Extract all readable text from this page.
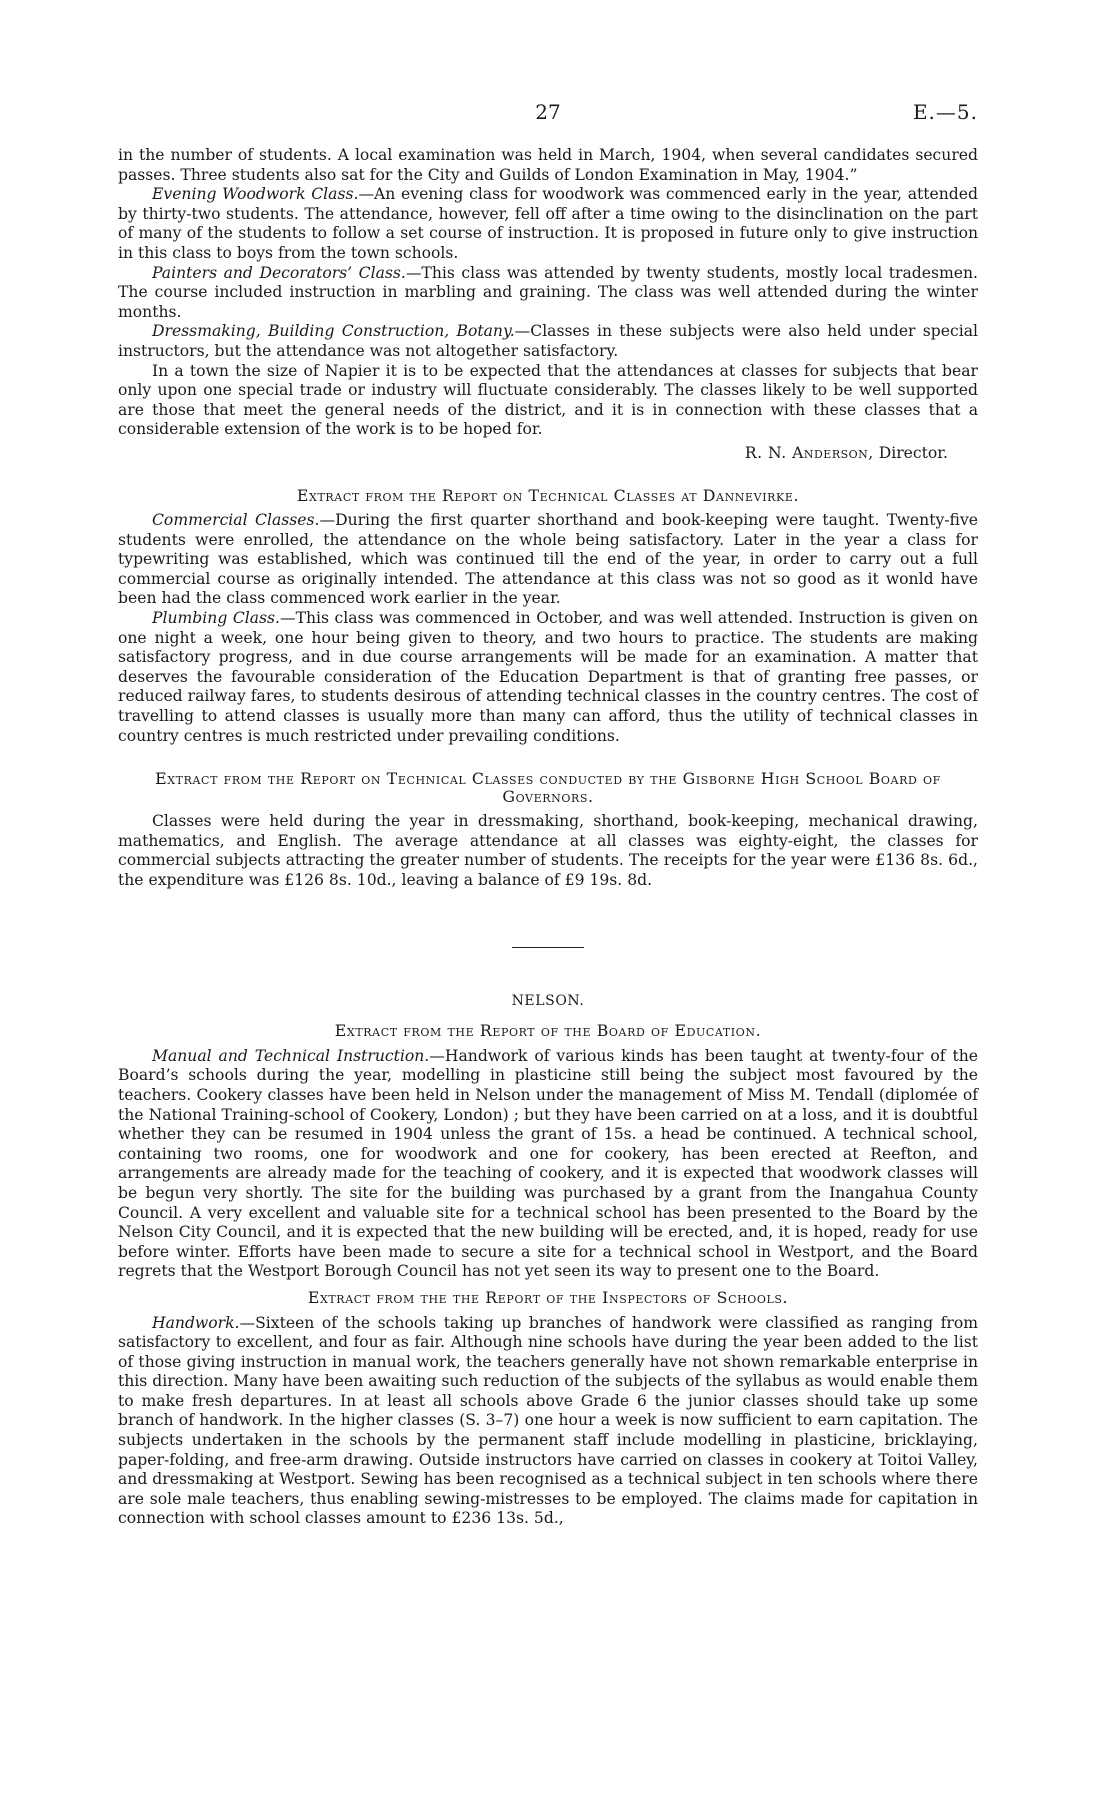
27	E.—5.

in the number of students. A local examination was held in March, 1904, when several candidates secured passes. Three students also sat for the City and Guilds of London Examination in May, 1904.”

Evening Woodwork Class.—An evening class for woodwork was commenced early in the year, attended by thirty-two students. The attendance, however, fell off after a time owing to the disinclination on the part of many of the students to follow a set course of instruction. It is proposed in future only to give instruction in this class to boys from the town schools.

Painters and Decorators’ Class.—This class was attended by twenty students, mostly local tradesmen. The course included instruction in marbling and graining. The class was well attended during the winter months.

Dressmaking, Building Construction, Botany.—Classes in these subjects were also held under special instructors, but the attendance was not altogether satisfactory.

In a town the size of Napier it is to be expected that the attendances at classes for subjects that bear only upon one special trade or industry will fluctuate considerably. The classes likely to be well supported are those that meet the general needs of the district, and it is in connection with these classes that a considerable extension of the work is to be hoped for.

R. N. Anderson, Director.
Extract from the Report on Technical Classes at Dannevirke.

Commercial Classes.—During the first quarter shorthand and book-keeping were taught. Twenty-five students were enrolled, the attendance on the whole being satisfactory. Later in the year a class for typewriting was established, which was continued till the end of the year, in order to carry out a full commercial course as originally intended. The attendance at this class was not so good as it wonld have been had the class commenced work earlier in the year.

Plumbing Class.—This class was commenced in October, and was well attended. Instruction is given on one night a week, one hour being given to theory, and two hours to practice. The students are making satisfactory progress, and in due course arrangements will be made for an examination. A matter that deserves the favourable consideration of the Education Department is that of granting free passes, or reduced railway fares, to students desirous of attending technical classes in the country centres. The cost of travelling to attend classes is usually more than many can afford, thus the utility of technical classes in country centres is much restricted under prevailing conditions.

Extract from the Report on Technical Classes conducted by the Gisborne High School Board of Governors.

Classes were held during the year in dressmaking, shorthand, book-keeping, mechanical drawing, mathematics, and English. The average attendance at all classes was eighty-eight, the classes for commercial subjects attracting the greater number of students. The receipts for the year were £136 8s. 6d., the expenditure was £126 8s. 10d., leaving a balance of £9 19s. 8d.

NELSON.
Extract from the Report of the Board of Education.

Manual and Technical Instruction.—Handwork of various kinds has been taught at twenty-four of the Board’s schools during the year, modelling in plasticine still being the subject most favoured by the teachers. Cookery classes have been held in Nelson under the management of Miss M. Tendall (diplomée of the National Training-school of Cookery, London) ; but they have been carried on at a loss, and it is doubtful whether they can be resumed in 1904 unless the grant of 15s. a head be continued. A technical school, containing two rooms, one for woodwork and one for cookery, has been erected at Reefton, and arrangements are already made for the teaching of cookery, and it is expected that woodwork classes will be begun very shortly. The site for the building was purchased by a grant from the Inangahua County Council. A very excellent and valuable site for a technical school has been presented to the Board by the Nelson City Council, and it is expected that the new building will be erected, and, it is hoped, ready for use before winter. Efforts have been made to secure a site for a technical school in Westport, and the Board regrets that the Westport Borough Council has not yet seen its way to present one to the Board.

Extract from the the Report of the Inspectors of Schools.

Handwork.—Sixteen of the schools taking up branches of handwork were classified as ranging from satisfactory to excellent, and four as fair. Although nine schools have during the year been added to the list of those giving instruction in manual work, the teachers generally have not shown remarkable enterprise in this direction. Many have been awaiting such reduction of the subjects of the syllabus as would enable them to make fresh departures. In at least all schools above Grade 6 the junior classes should take up some branch of handwork. In the higher classes (S. 3–7) one hour a week is now sufficient to earn capitation. The subjects undertaken in the schools by the permanent staff include modelling in plasticine, bricklaying, paper-folding, and free-arm drawing. Outside instructors have carried on classes in cookery at Toitoi Valley, and dressmaking at Westport. Sewing has been recognised as a technical subject in ten schools where there are sole male teachers, thus enabling sewing-mistresses to be employed. The claims made for capitation in connection with school classes amount to £236 13s. 5d.,
